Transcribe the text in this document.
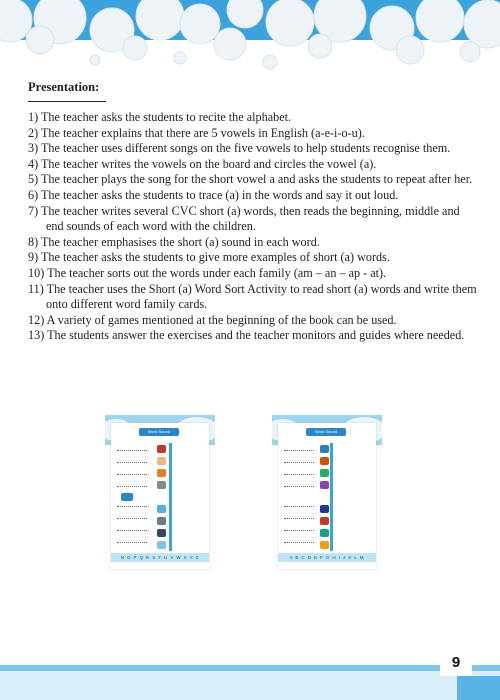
Presentation:
1) The teacher asks the students to recite the alphabet.
2) The teacher explains that there are 5 vowels in English (a-e-i-o-u).
3) The teacher uses different songs on the five vowels to help students recognise them.
4) The teacher writes the vowels on the board and circles the vowel (a).
5) The teacher plays the song for the short vowel a and asks the students to repeat after her.
6) The teacher asks the students to trace (a) in the words and say it out loud.
7) The teacher writes several CVC short (a) words, then reads the beginning, middle and end sounds of each word with the children.
8) The teacher emphasises the short (a) sound in each word.
9) The teacher asks the students to give more examples of short (a) words.
10) The teacher sorts out the words under each family (am – an – ap - at).
11) The teacher uses the Short (a) Word Sort Activity to read short (a) words and write them onto different word family cards.
12) A variety of games mentioned at the beginning of the book can be used.
13) The students answer the exercises and the teacher monitors and guides where needed.
Word Sound
N O P Q R S T U V W X Y Z
Word Sound
A B C D E F G H I J K L M
9
